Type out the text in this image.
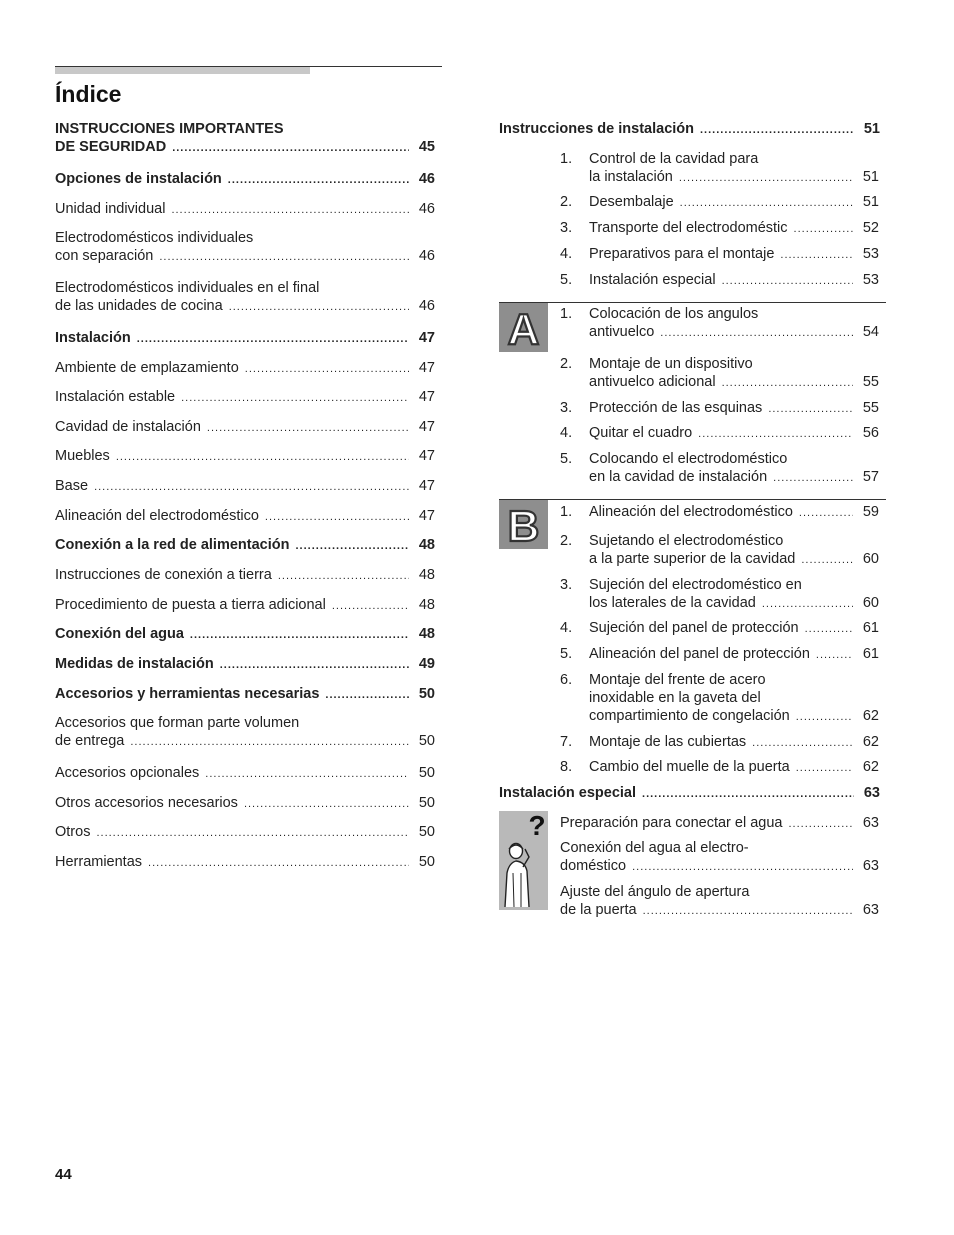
Índice
INSTRUCCIONES IMPORTANTES
DE SEGURIDAD .....	45
Opciones de instalación .....	46
Unidad individual .....	46
Electrodomésticos individuales
con separación .....	46
Electrodomésticos individuales en el final
de las unidades de cocina .....	46
Instalación .....	47
Ambiente de emplazamiento .....	47
Instalación estable .....	47
Cavidad de instalación .....	47
Muebles .....	47
Base .....	47
Alineación del electrodoméstico .....	47
Conexión a la red de alimentación .....	48
Instrucciones de conexión a tierra .....	48
Procedimiento de puesta a tierra adicional .....	48
Conexión del agua .....	48
Medidas de instalación .....	49
Accesorios y herramientas necesarias .....	50
Accesorios que forman parte volumen
de entrega .....	50
Accesorios opcionales .....	50
Otros accesorios necesarios .....	50
Otros .....	50
Herramientas .....	50
Instrucciones de instalación .....	51
A
B
Instalación especial .....	63
?
1. Control de la cavidad para
la instalación .....	51
2. Desembalaje .....	51
3. Transporte del electrodoméstic .....	52
4. Preparativos para el montaje .....	53
5. Instalación especial .....	53
1. Colocación de los angulos
antivuelco .....	54
2. Montaje de un dispositivo
antivuelco adicional .....	55
3. Protección de las esquinas .....	55
4. Quitar el cuadro .....	56
5. Colocando el electrodoméstico
en la cavidad de instalación .....	57
1. Alineación del electrodoméstico .....	59
2. Sujetando el electrodoméstico
a la parte superior de la cavidad .....	60
3. Sujeción del electrodoméstico en
los laterales de la cavidad .....	60
4. Sujeción del panel de protección .....	61
5. Alineación del panel de protección .....	61
6. Montaje del frente de acero
inoxidable en la gaveta del
compartimiento de congelación .....	62
7. Montaje de las cubiertas .....	62
8. Cambio del muelle de la puerta .....	62
Preparación para conectar el agua .....	63
Conexión del agua al electro-
doméstico .....	63
Ajuste del ángulo de apertura
de la puerta .....	63
44
